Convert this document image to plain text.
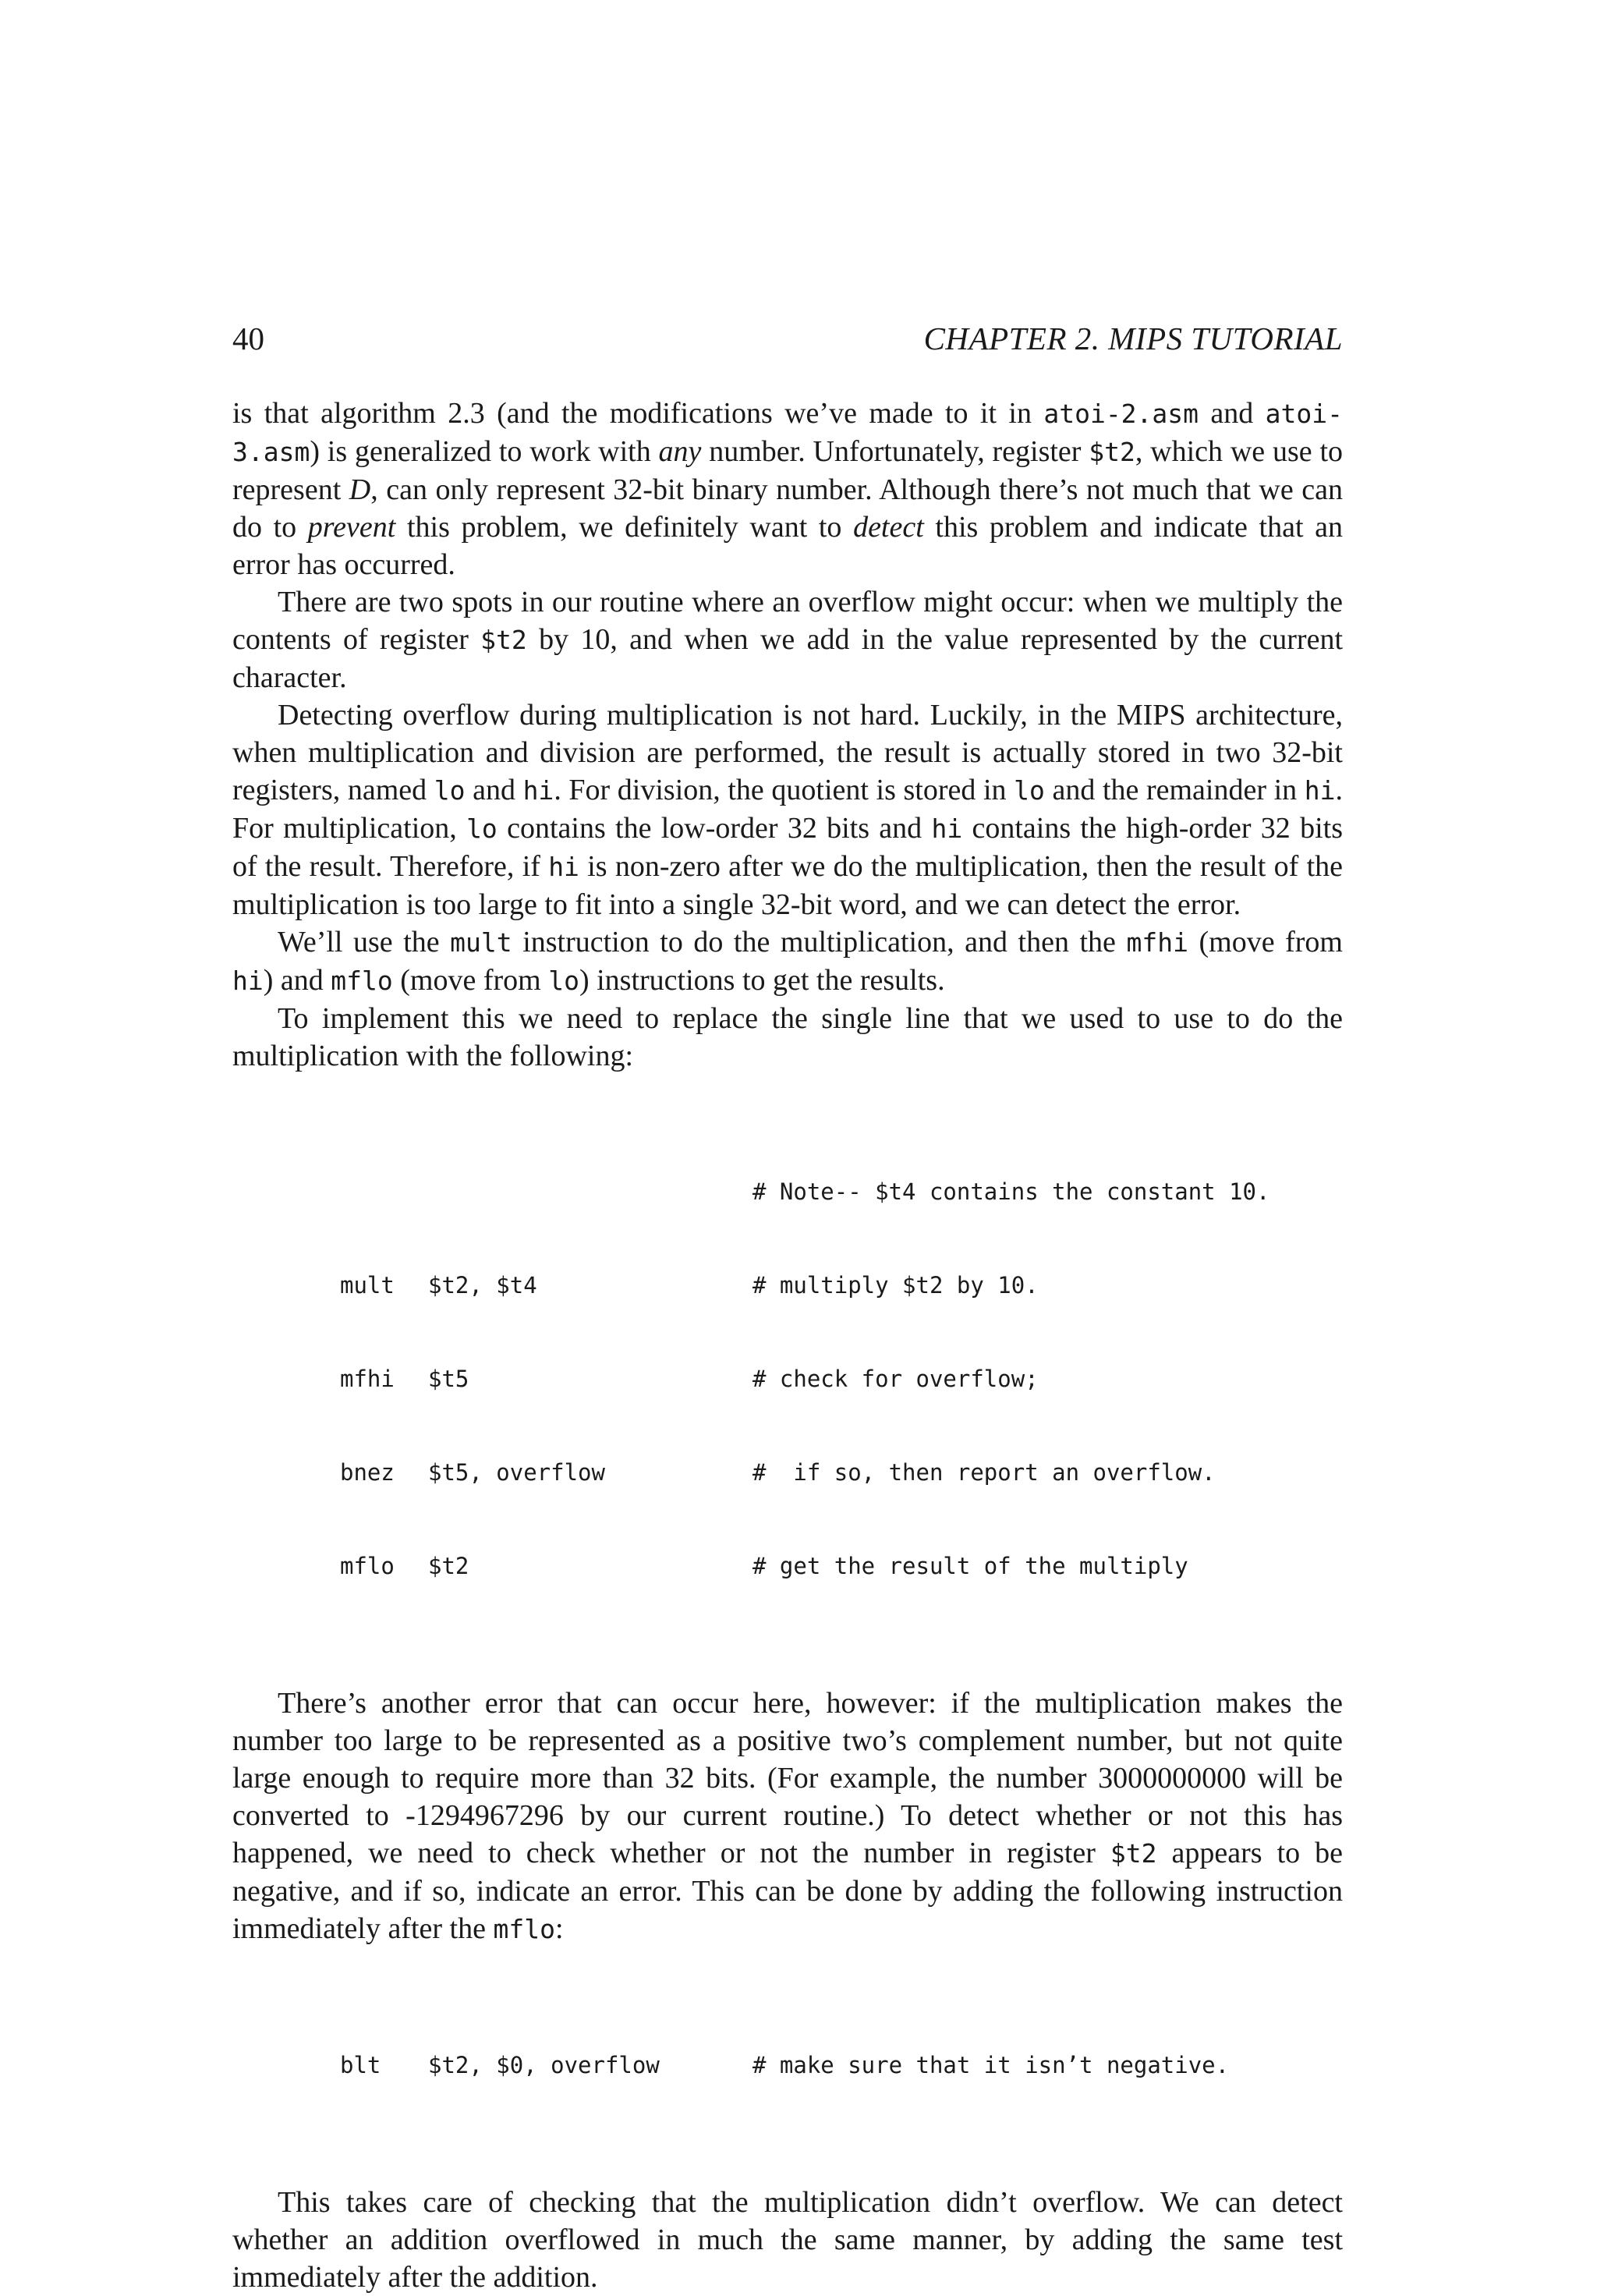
40	CHAPTER 2. MIPS TUTORIAL

is that algorithm 2.3 (and the modifications we’ve made to it in atoi-2.asm and atoi-3.asm) is generalized to work with any number. Unfortunately, register $t2, which we use to represent D, can only represent 32-bit binary number. Although there’s not much that we can do to prevent this problem, we definitely want to detect this problem and indicate that an error has occurred.

There are two spots in our routine where an overflow might occur: when we multiply the contents of register $t2 by 10, and when we add in the value represented by the current character.

Detecting overflow during multiplication is not hard. Luckily, in the MIPS architecture, when multiplication and division are performed, the result is actually stored in two 32-bit registers, named lo and hi. For division, the quotient is stored in lo and the remainder in hi. For multiplication, lo contains the low-order 32 bits and hi contains the high-order 32 bits of the result. Therefore, if hi is non-zero after we do the multiplication, then the result of the multiplication is too large to fit into a single 32-bit word, and we can detect the error.

We’ll use the mult instruction to do the multiplication, and then the mfhi (move from hi) and mflo (move from lo) instructions to get the results.

To implement this we need to replace the single line that we used to use to do the multiplication with the following:

# Note-- $t4 contains the constant 10.

mult	$t2, $t4	# multiply $t2 by 10.

mfhi	$t5	# check for overflow;

bnez	$t5, overflow	#  if so, then report an overflow.

mflo	$t2	# get the result of the multiply

There’s another error that can occur here, however: if the multiplication makes the number too large to be represented as a positive two’s complement number, but not quite large enough to require more than 32 bits. (For example, the number 3000000000 will be converted to -1294967296 by our current routine.) To detect whether or not this has happened, we need to check whether or not the number in register $t2 appears to be negative, and if so, indicate an error. This can be done by adding the following instruction immediately after the mflo:

blt	$t2, $0, overflow	# make sure that it isn’t negative.

This takes care of checking that the multiplication didn’t overflow. We can detect whether an addition overflowed in much the same manner, by adding the same test immediately after the addition.
